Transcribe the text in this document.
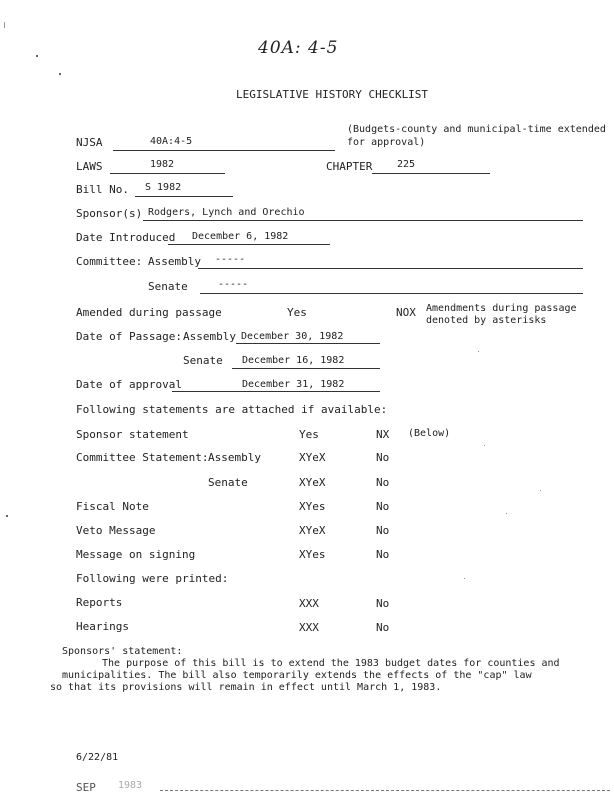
40A: 4-5
LEGISLATIVE HISTORY CHECKLIST
NJSA	40A:4-5
(Budgets-county and municipal-time extended for approval)
LAWS	1982	CHAPTER 225
Bill No. S 1982
Sponsor(s) Rodgers, Lynch and Orechio
Date Introduced December 6, 1982
Committee: Assembly -----
Senate	-----
Amended during passage	Yes	NOX Amendments during passage denoted by asterisks
Date of Passage: Assembly December 30, 1982
Senate December 16, 1982
Date of approval	December 31, 1982
Following statements are attached if available:
Sponsor statement	Yes	NX (Below)
Committee Statement: Assembly	XYeX	No
Senate	XYeX	No
Fiscal Note	XYes	No
Veto Message	XYeX	No
Message on signing	XYes	No
Following were printed:
Reports	XXX	No
Hearings	XXX	No
Sponsors' statement:
The purpose of this bill is to extend the 1983 budget dates for counties and
municipalities. The bill also temporarily extends the effects of the "cap" law
so that its provisions will remain in effect until March 1, 1983.
6/22/81
SEP 1983
